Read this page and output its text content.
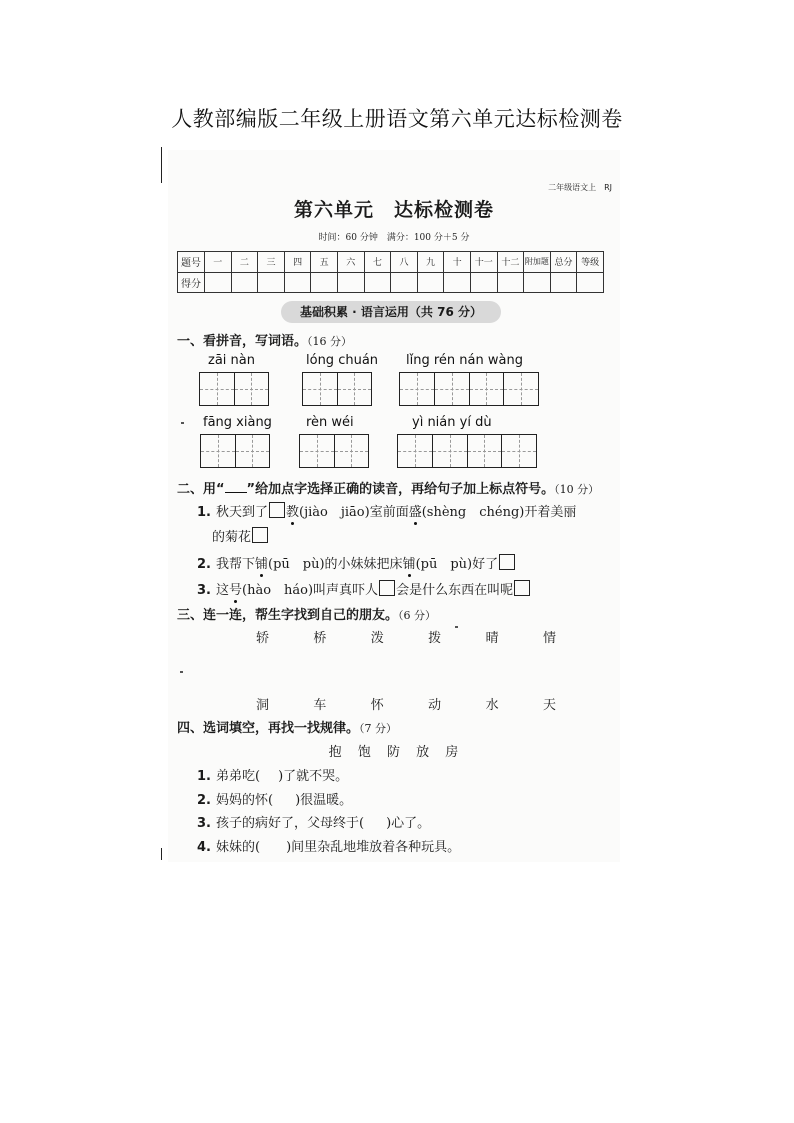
人教部编版二年级上册语文第六单元达标检测卷
二年级语文上　RJ
第六单元　达标检测卷
时间：60 分钟　满分：100 分＋5 分
题号	一	二	三	四	五	六	七	八	九	十	十一	十二	附加题	总分	等级
得分															
基础积累 · 语言运用（共 76 分）
一、看拼音，写词语。（16 分）
zāi nàn	lóng chuán lǐng rén nán wàng
fāng xiàng	rèn wéi	yì nián yí dù
二、用“ ”给加点字选择正确的读音，再给句子加上标点符号。（10 分）
1. 秋天到了 教(jiào　jiāo)室前面盛(shèng　chéng)开着美丽
的菊花
2. 我帮下铺(pū　pù)的小妹妹把床铺(pū　pù)好了
3. 这号(hào　háo)叫声真吓人 会是什么东西在叫呢
三、连一连，帮生字找到自己的朋友。（6 分）
轿	桥	泼	拨	晴	情
洞	车	怀	动	水	天
四、选词填空，再找一找规律。（7 分）
抱 饱 防 放 房
1. 弟弟吃( )了就不哭。
2. 妈妈的怀( )很温暖。
3. 孩子的病好了，父母终于( )心了。
4. 妹妹的( )间里杂乱地堆放着各种玩具。
